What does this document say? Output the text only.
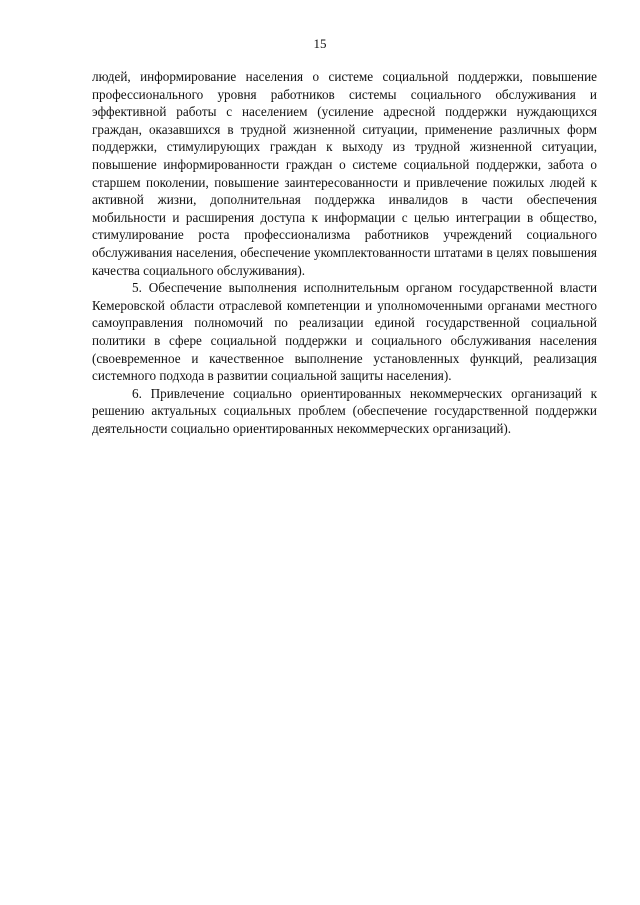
15

людей, информирование населения о системе социальной поддержки, повышение профессионального уровня работников системы социального обслуживания и эффективной работы с населением (усиление адресной поддержки нуждающихся граждан, оказавшихся в трудной жизненной ситуации, применение различных форм поддержки, стимулирующих граждан к выходу из трудной жизненной ситуации, повышение информированности граждан о системе социальной поддержки, забота о старшем поколении, повышение заинтересованности и привлечение пожилых людей к активной жизни, дополнительная поддержка инвалидов в части обеспечения мобильности и расширения доступа к информации с целью интеграции в общество, стимулирование роста профессионализма работников учреждений социального обслуживания населения, обеспечение укомплектованности штатами в целях повышения качества социального обслуживания).

5. Обеспечение выполнения исполнительным органом государственной власти Кемеровской области отраслевой компетенции и уполномоченными органами местного самоуправления полномочий по реализации единой государственной социальной политики в сфере социальной поддержки и социального обслуживания населения (своевременное и качественное выполнение установленных функций, реализация системного подхода в развитии социальной защиты населения).

6. Привлечение социально ориентированных некоммерческих организаций к решению актуальных социальных проблем (обеспечение государственной поддержки деятельности социально ориентированных некоммерческих организаций).
